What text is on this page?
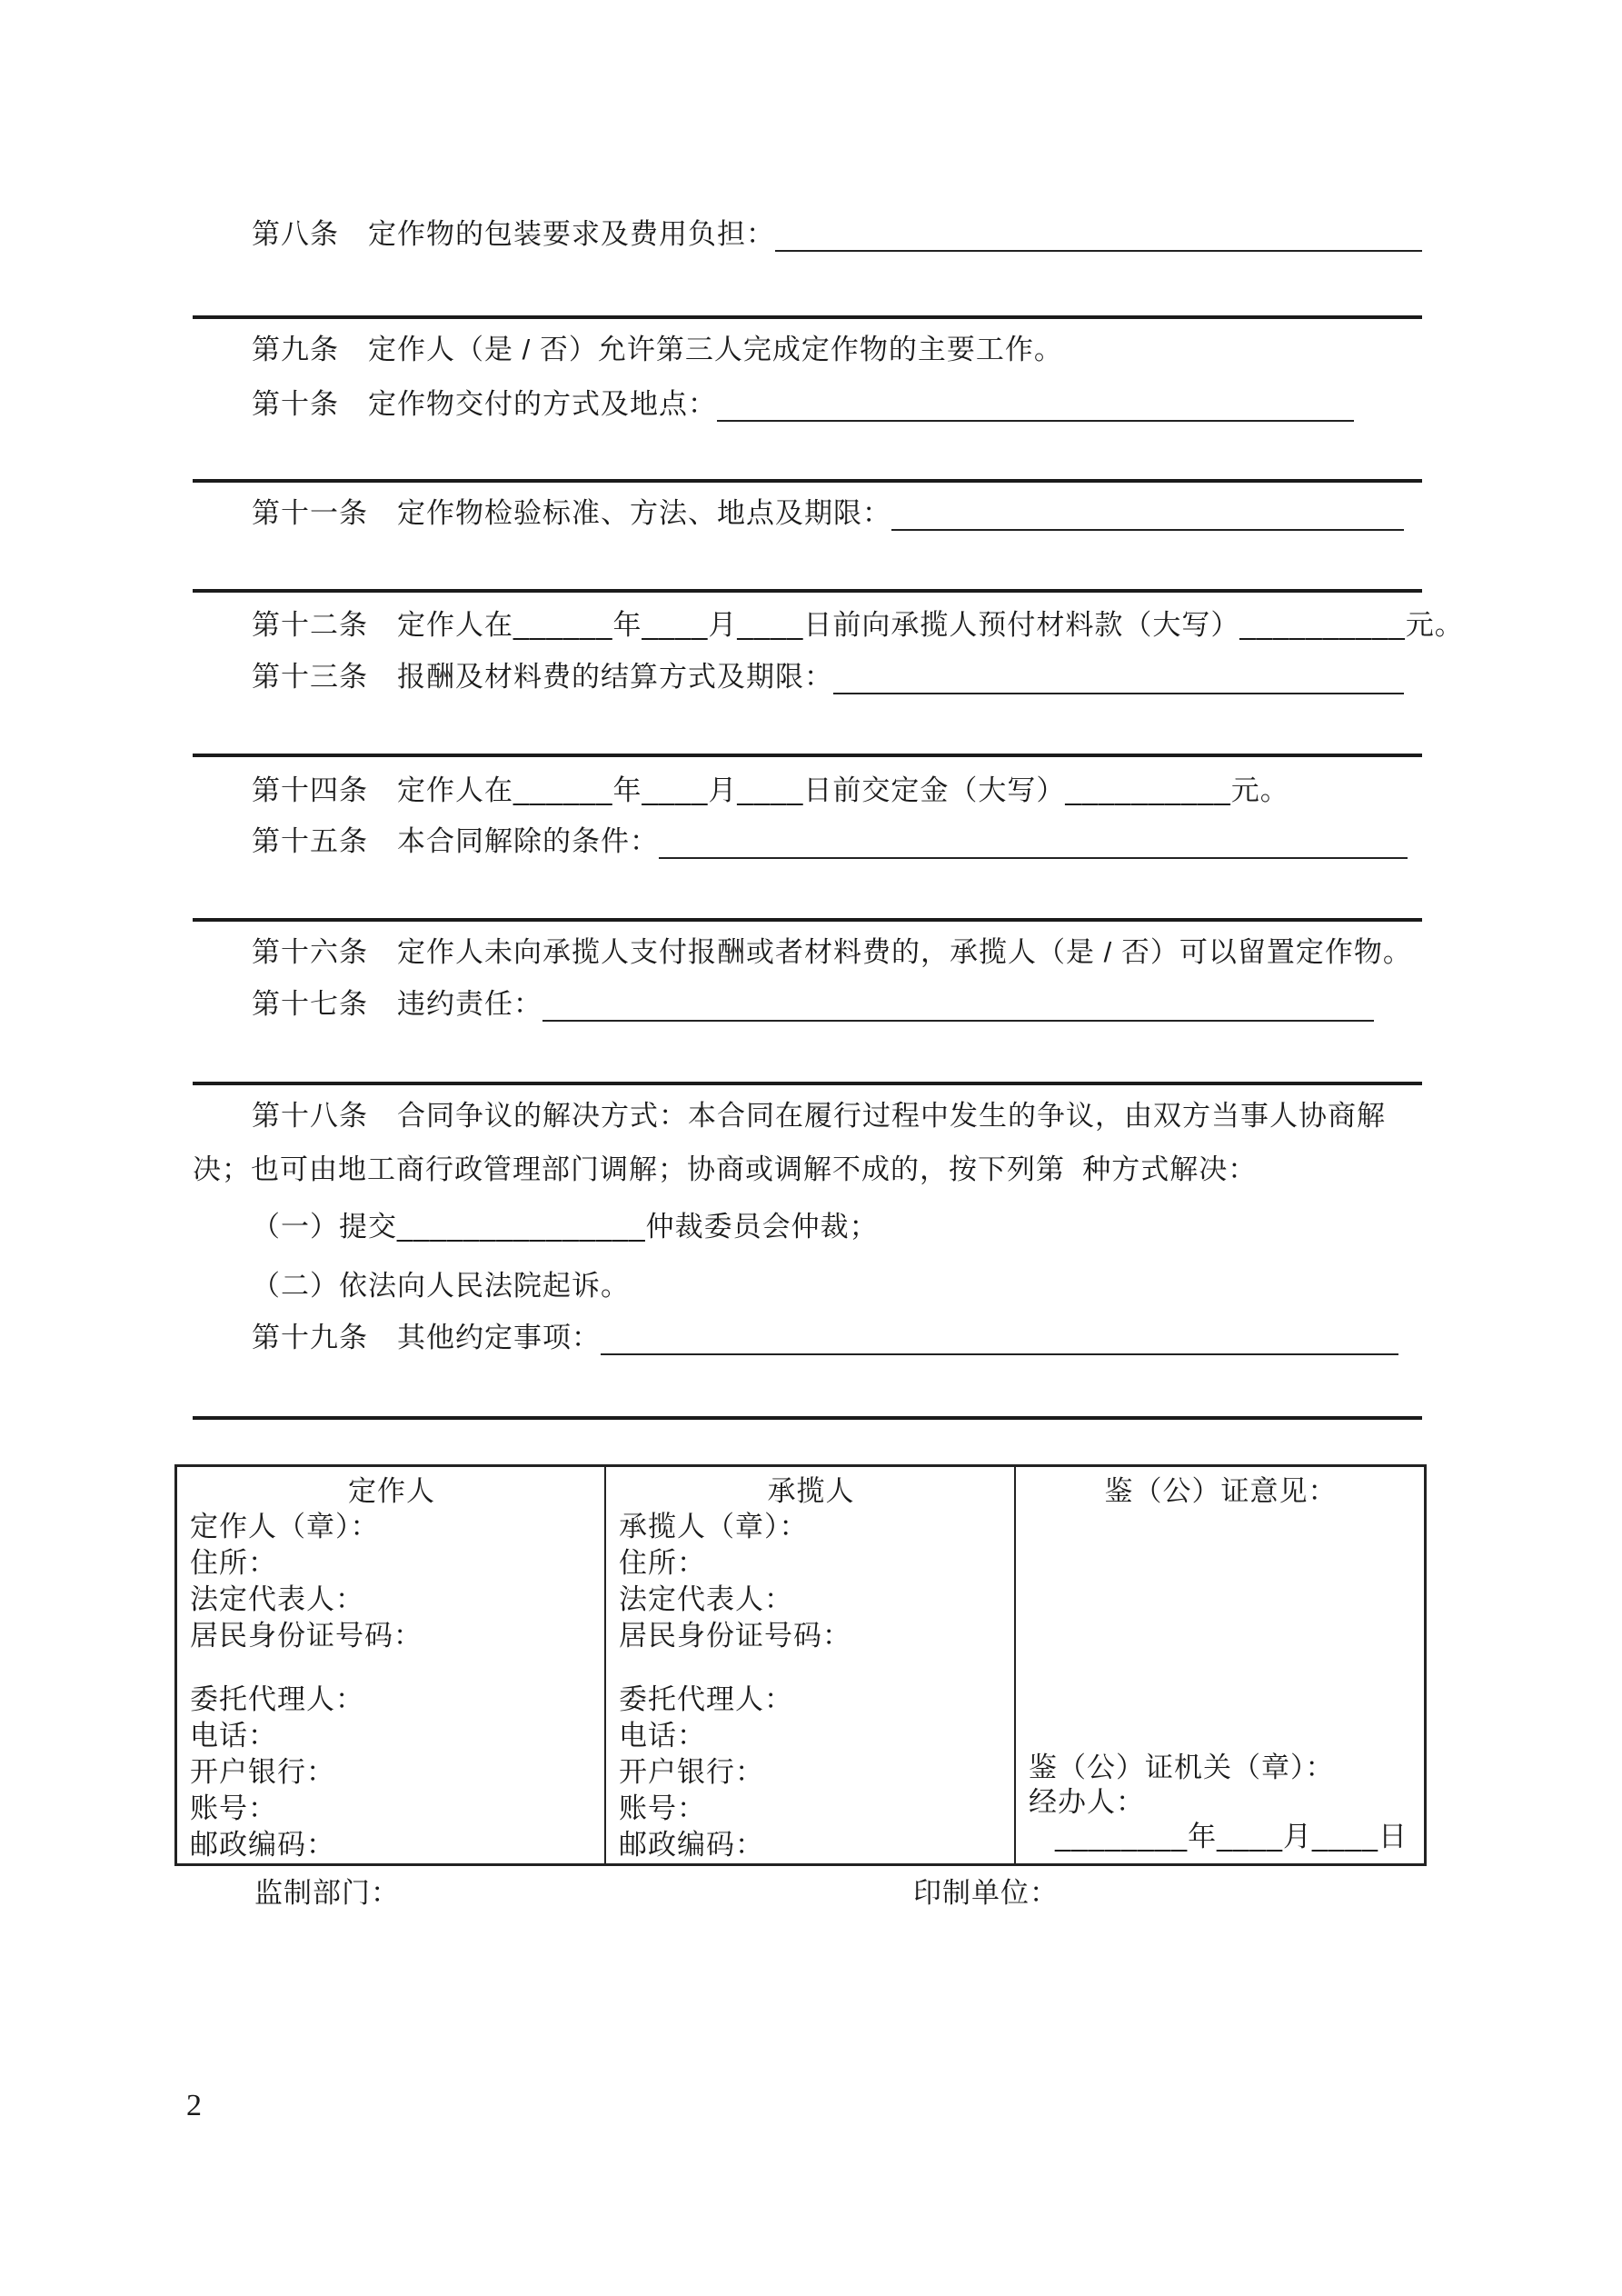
第八条　定作物的包装要求及费用负担：
第九条　定作人（是 / 否）允许第三人完成定作物的主要工作。
第十条　定作物交付的方式及地点：
第十一条　定作物检验标准、方法、地点及期限：
第十二条　定作人在______年____月____日前向承揽人预付材料款（大写）__________元。
第十三条　报酬及材料费的结算方式及期限：
第十四条　定作人在______年____月____日前交定金（大写）__________元。
第十五条　本合同解除的条件：
第十六条　定作人未向承揽人支付报酬或者材料费的，承揽人（是 / 否）可以留置定作物。
第十七条　违约责任：
第十八条　合同争议的解决方式：本合同在履行过程中发生的争议，由双方当事人协商解
决；也可由地工商行政管理部门调解；协商或调解不成的，按下列第  种方式解决：
（一）提交_______________仲裁委员会仲裁；
（二）依法向人民法院起诉。
第十九条　其他约定事项：
定作人
定作人（章）：
住所：
法定代表人：
居民身份证号码：
委托代理人：
电话：
开户银行：
账号：
邮政编码：
承揽人
承揽人（章）：
住所：
法定代表人：
居民身份证号码：
委托代理人：
电话：
开户银行：
账号：
邮政编码：
鉴（公）证意见：
鉴（公）证机关（章）：
经办人：
________年____月____日
监制部门：	印制单位：
2
